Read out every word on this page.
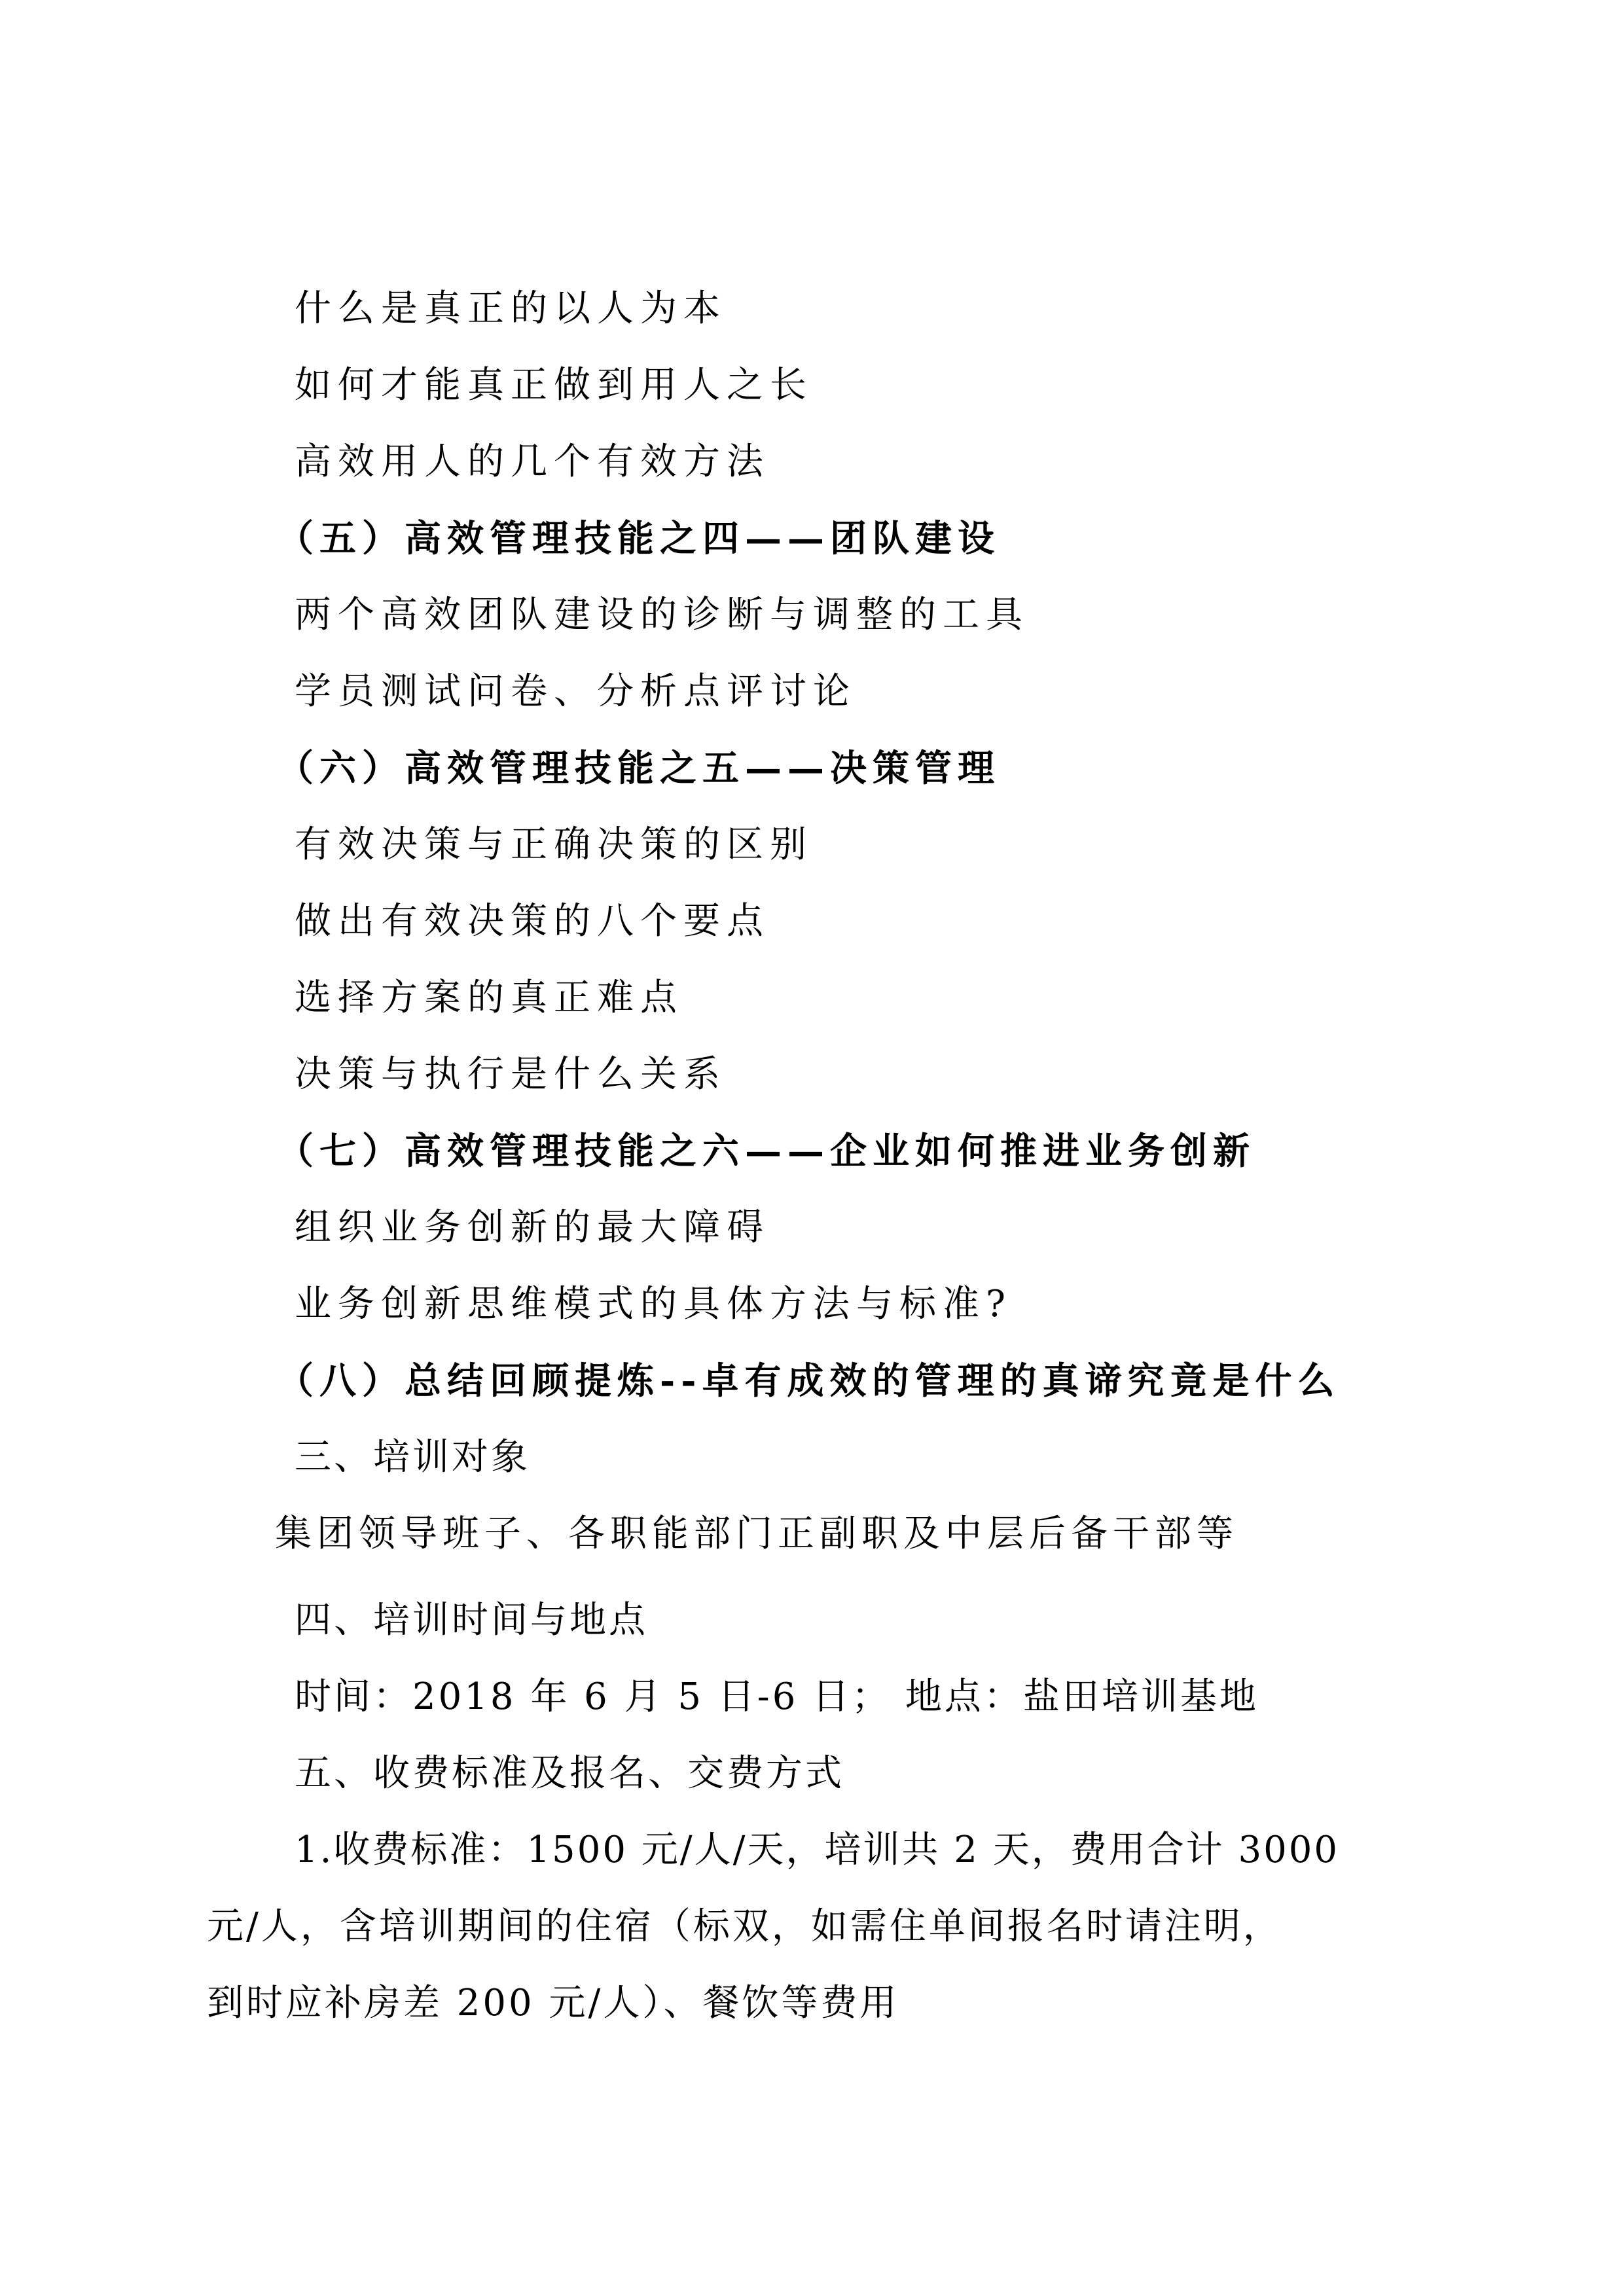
什么是真正的以人为本
如何才能真正做到用人之长
高效用人的几个有效方法
（五）高效管理技能之四——团队建设
两个高效团队建设的诊断与调整的工具
学员测试问卷、分析点评讨论
（六）高效管理技能之五——决策管理
有效决策与正确决策的区别
做出有效决策的八个要点
选择方案的真正难点
决策与执行是什么关系
（七）高效管理技能之六——企业如何推进业务创新
组织业务创新的最大障碍
业务创新思维模式的具体方法与标准?
（八）总结回顾提炼--卓有成效的管理的真谛究竟是什么
三、培训对象
集团领导班子、各职能部门正副职及中层后备干部等
四、培训时间与地点
时间：2018 年 6 月 5 日-6 日； 地点：盐田培训基地
五、收费标准及报名、交费方式
1.收费标准：1500 元/人/天，培训共 2 天，费用合计 3000
元/人，含培训期间的住宿（标双，如需住单间报名时请注明，
到时应补房差 200 元/人）、餐饮等费用
